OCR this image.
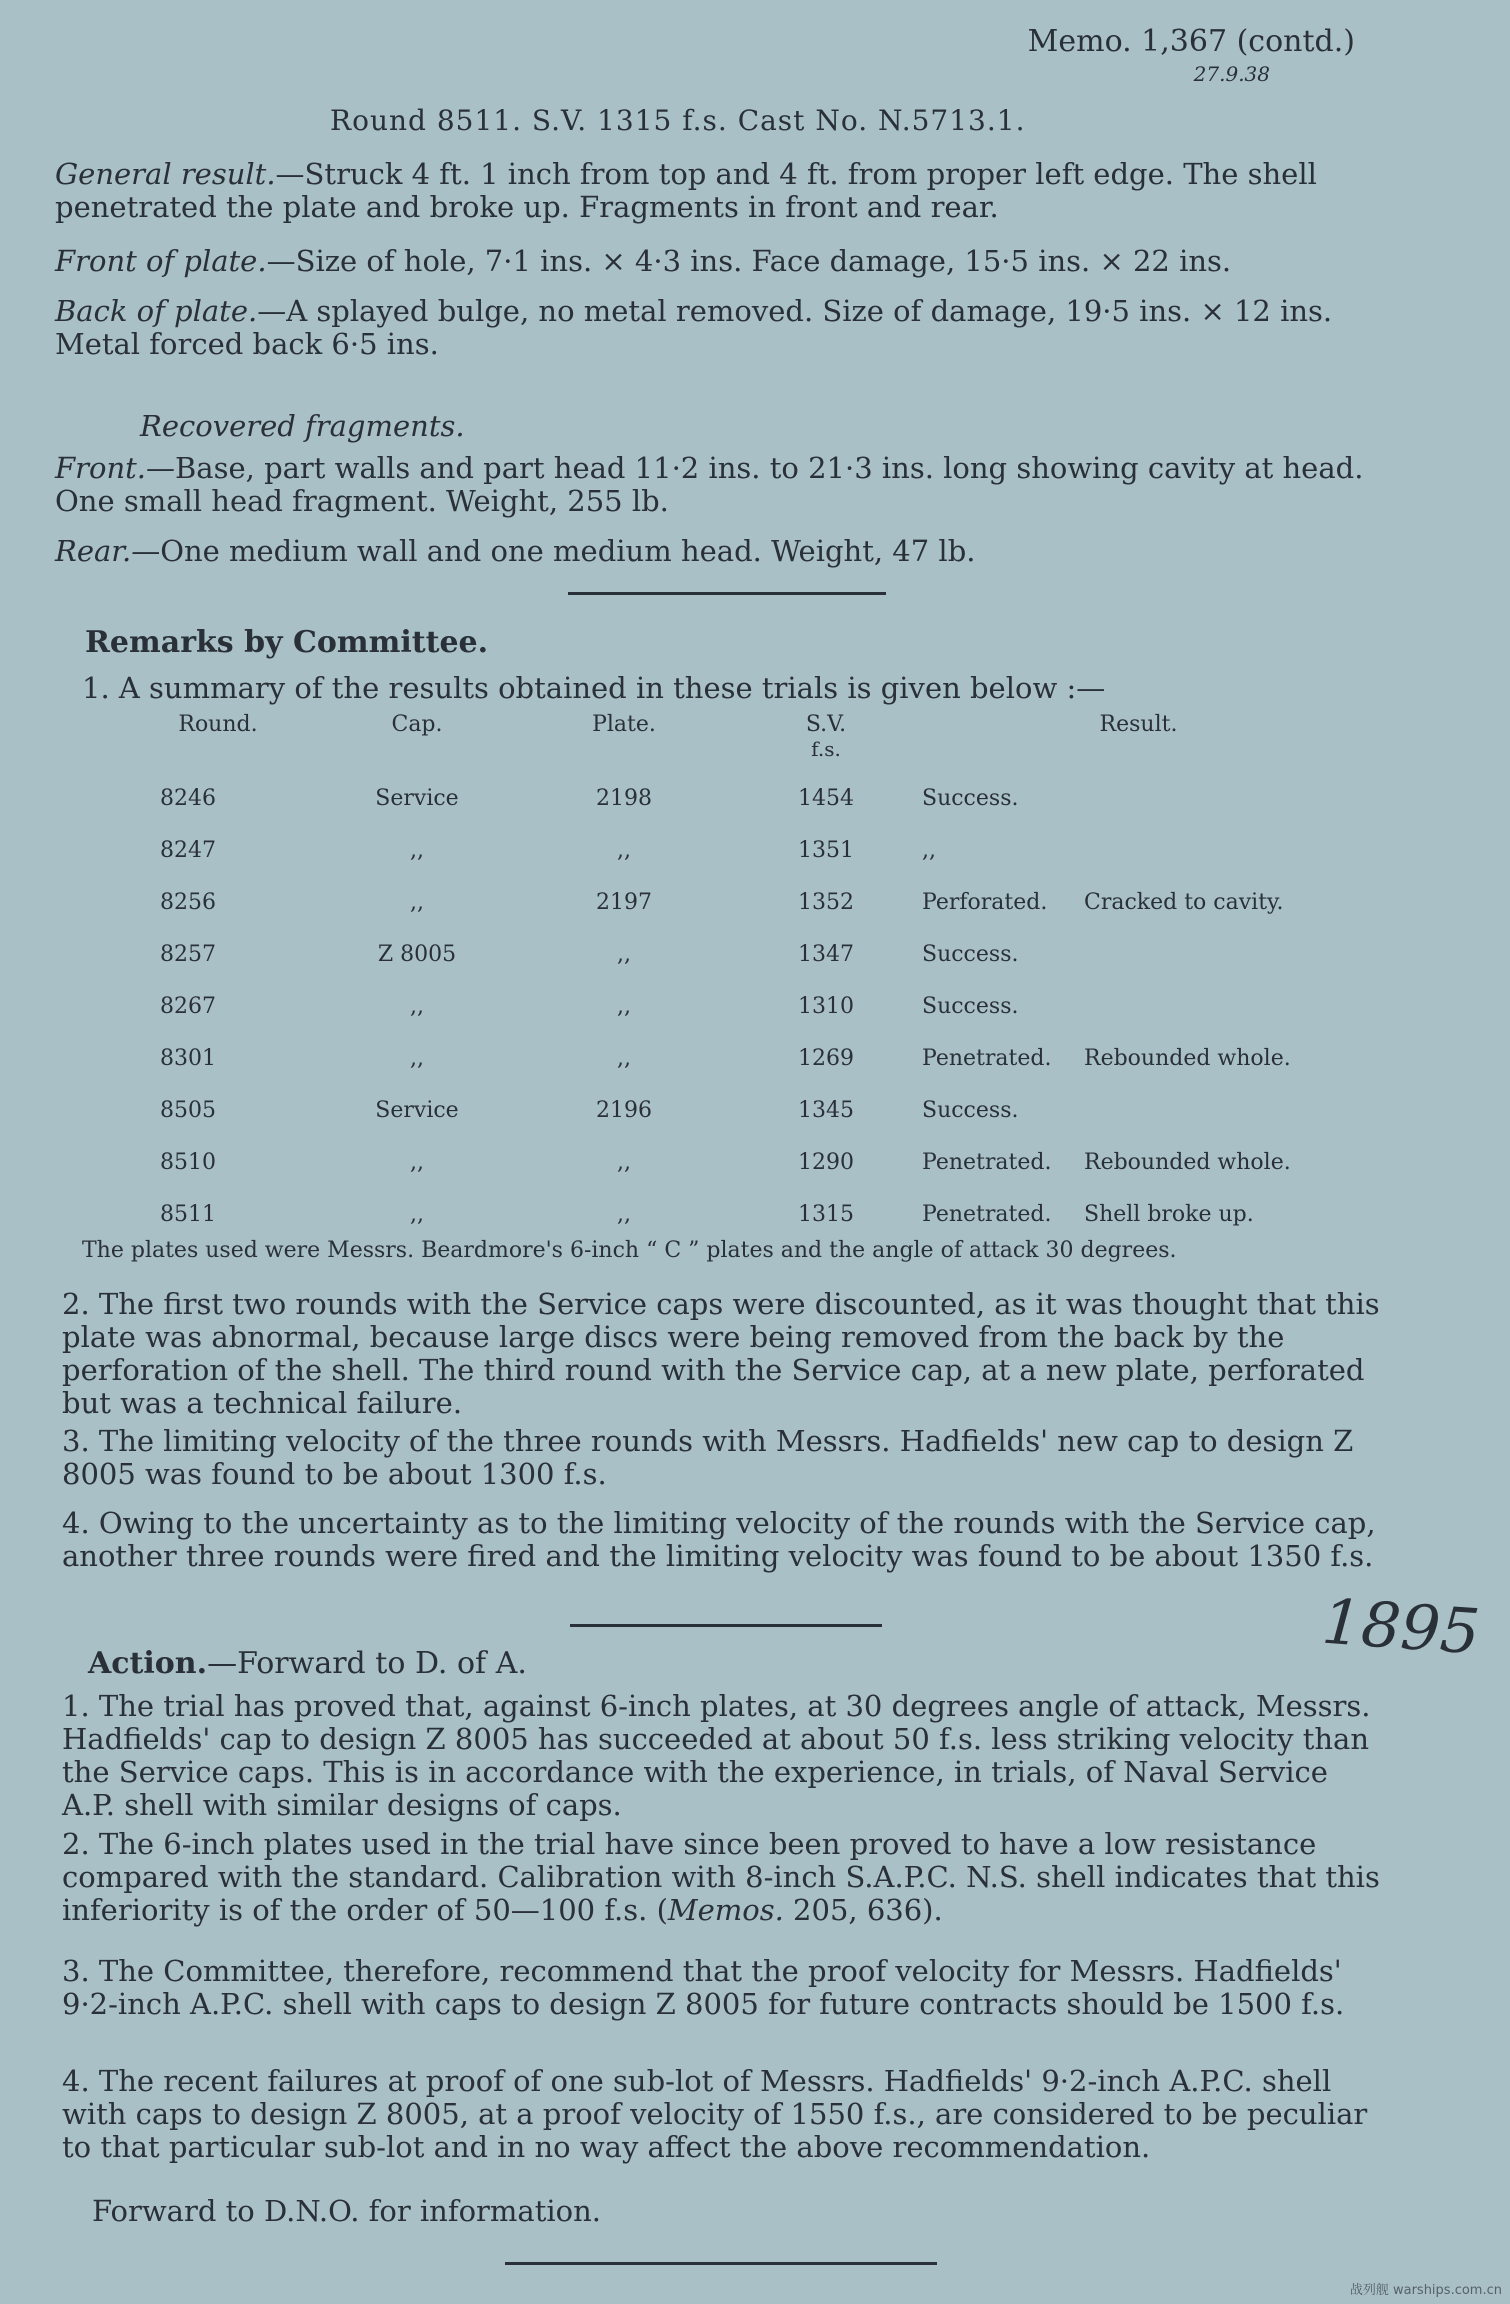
Memo. 1,367 (contd.)
27.9.38
Round 8511. S.V. 1315 f.s. Cast No. N.5713.1.
General result.—Struck 4 ft. 1 inch from top and 4 ft. from proper left edge. The shell penetrated the plate and broke up. Fragments in front and rear.
Front of plate.—Size of hole, 7·1 ins. × 4·3 ins. Face damage, 15·5 ins. × 22 ins.
Back of plate.—A splayed bulge, no metal removed. Size of damage, 19·5 ins. × 12 ins. Metal forced back 6·5 ins.
Recovered fragments.
Front.—Base, part walls and part head 11·2 ins. to 21·3 ins. long showing cavity at head. One small head fragment. Weight, 255 lb.
Rear.—One medium wall and one medium head. Weight, 47 lb.
Remarks by Committee.
1. A summary of the results obtained in these trials is given below :—
Round.	Cap.	Plate.	S.V.
f.s.	Result.	
8246	Service	2198	1454	Success.	
8247	,,	,,	1351	,,	
8256	,,	2197	1352	Perforated.	Cracked to cavity.
8257	Z 8005	,,	1347	Success.	
8267	,,	,,	1310	Success.	
8301	,,	,,	1269	Penetrated.	Rebounded whole.
8505	Service	2196	1345	Success.	
8510	,,	,,	1290	Penetrated.	Rebounded whole.
8511	,,	,,	1315	Penetrated.	Shell broke up.
The plates used were Messrs. Beardmore's 6-inch “ C ” plates and the angle of attack 30 degrees.
2. The first two rounds with the Service caps were discounted, as it was thought that this plate was abnormal, because large discs were being removed from the back by the perforation of the shell. The third round with the Service cap, at a new plate, perforated but was a technical failure.
3. The limiting velocity of the three rounds with Messrs. Hadfields' new cap to design Z 8005 was found to be about 1300 f.s.
4. Owing to the uncertainty as to the limiting velocity of the rounds with the Service cap, another three rounds were fired and the limiting velocity was found to be about 1350 f.s.
1895
Action.—Forward to D. of A.
1. The trial has proved that, against 6-inch plates, at 30 degrees angle of attack, Messrs. Hadfields' cap to design Z 8005 has succeeded at about 50 f.s. less striking velocity than the Service caps. This is in accordance with the experience, in trials, of Naval Service A.P. shell with similar designs of caps.
2. The 6-inch plates used in the trial have since been proved to have a low resistance compared with the standard. Calibration with 8-inch S.A.P.C. N.S. shell indicates that this inferiority is of the order of 50—100 f.s. (Memos. 205, 636).
3. The Committee, therefore, recommend that the proof velocity for Messrs. Hadfields' 9·2-inch A.P.C. shell with caps to design Z 8005 for future contracts should be 1500 f.s.
4. The recent failures at proof of one sub-lot of Messrs. Hadfields' 9·2-inch A.P.C. shell with caps to design Z 8005, at a proof velocity of 1550 f.s., are considered to be peculiar to that particular sub-lot and in no way affect the above recommendation.
Forward to D.N.O. for information.
战列舰 warships.com.cn
